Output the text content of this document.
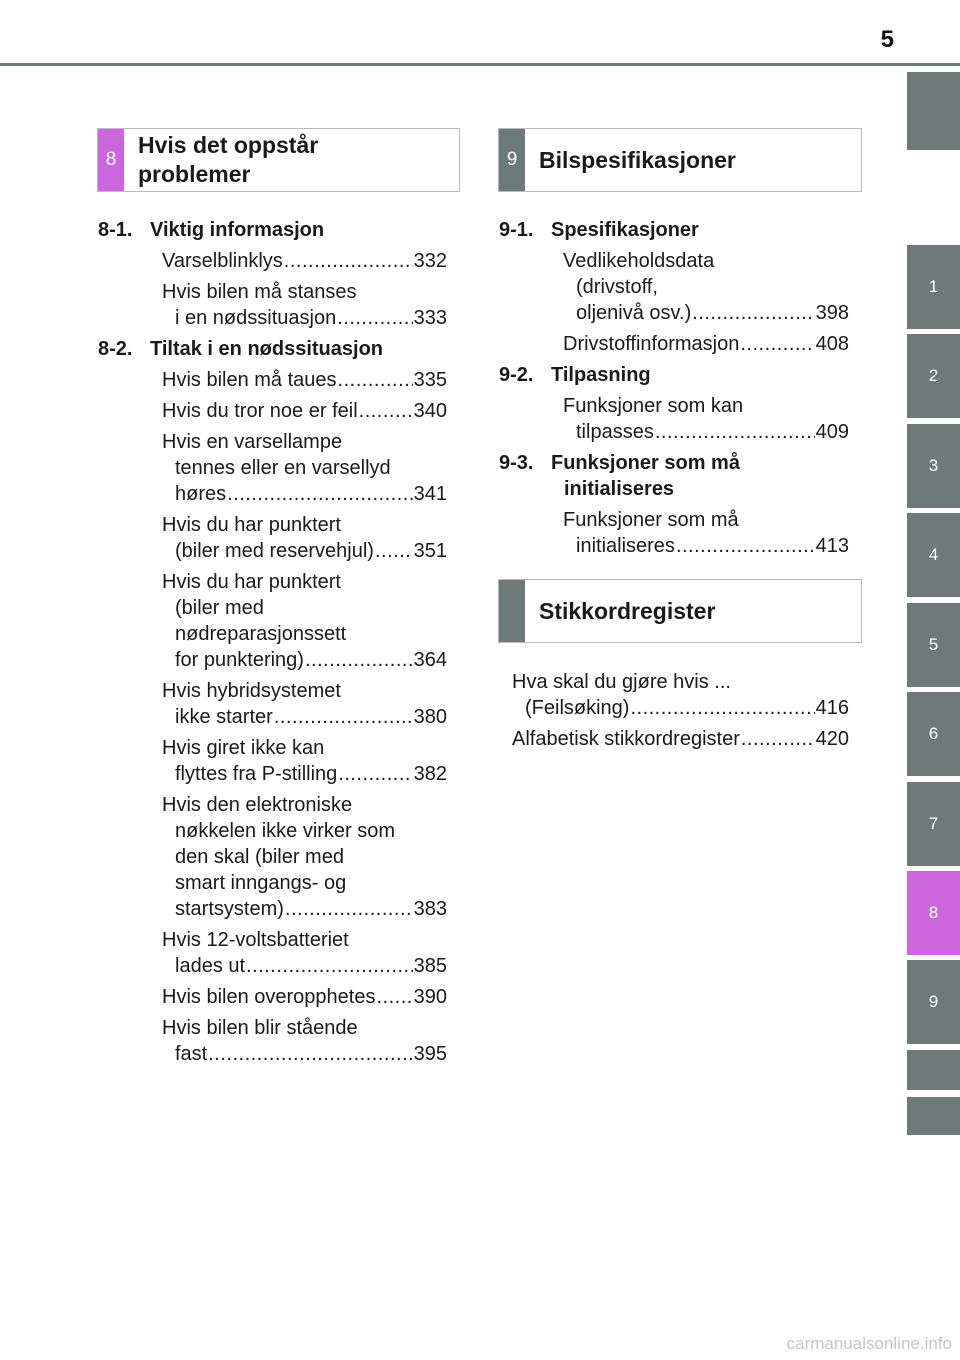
5
1
2
3
4
5
6
7
8
9
8
Hvis det oppstår problemer
9 Bilspesifikasjoner
Stikkordregister
8-1. Viktig informasjon
Varselblinklys .....	332
Hvis bilen må stanses
i en nødssituasjon .....	333
8-2. Tiltak i en nødssituasjon
Hvis bilen må taues .....	335
Hvis du tror noe er feil .....	340
Hvis en varsellampe
tennes eller en varsellyd
høres .....	341
Hvis du har punktert
(biler med reservehjul) ..... 351
Hvis du har punktert
(biler med
nødreparasjonssett
for punktering) .....	364
Hvis hybridsystemet
ikke starter .....	380
Hvis giret ikke kan
flyttes fra P-stilling .....	382
Hvis den elektroniske
nøkkelen ikke virker som
den skal (biler med
smart inngangs- og
startsystem) .....	383
Hvis 12-voltsbatteriet
lades ut .....	385
Hvis bilen overopphetes ..... 390
Hvis bilen blir stående
fast .....	395
9-1. Spesifikasjoner
Vedlikeholdsdata
(drivstoff,
oljenivå osv.) .....	398
Drivstoffinformasjon .....	408
9-2. Tilpasning
Funksjoner som kan
tilpasses .....	409
9-3. Funksjoner som må
initialiseres
Funksjoner som må
initialiseres .....	413
Hva skal du gjøre hvis ...
(Feilsøking) .....	416
Alfabetisk stikkordregister .....	420
carmanualsonline.info
